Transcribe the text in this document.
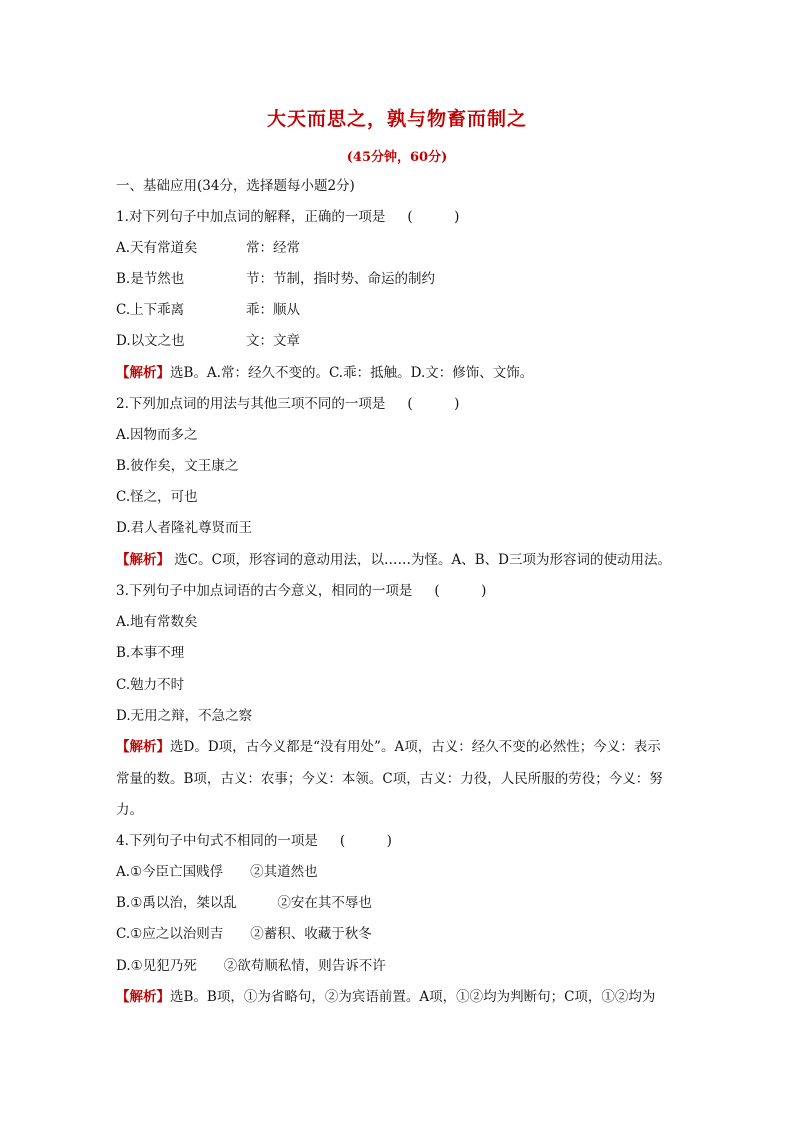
大天而思之，孰与物畜而制之
(45分钟，60分)
一、基础应用(34分，选择题每小题2分)
1.对下列句子中加点词的解释，正确的一项是 (　)
A.天有常道矣	常：经常
B.是节然也	节：节制，指时势、命运的制约
C.上下乖离	乖：顺从
D.以文之也	文：文章
【解析】选B。A.常：经久不变的。C.乖：抵触。D.文：修饰、文饰。
2.下列加点词的用法与其他三项不同的一项是 (　)
A.因物而多之
B.彼作矣，文王康之
C.怪之，可也
D.君人者隆礼尊贤而王
【解析】 选C。C项，形容词的意动用法，以……为怪。A、B、D三项为形容词的使动用法。
3.下列句子中加点词语的古今意义，相同的一项是 (　)
A.地有常数矣
B.本事不理
C.勉力不时
D.无用之辩，不急之察
【解析】选D。D项，古今义都是“没有用处”。A项，古义：经久不变的必然性；今义：表示
常量的数。B项，古义：农事；今义：本领。C项，古义：力役，人民所服的劳役；今义：努
力。
4.下列句子中句式不相同的一项是 (　)
A.①今臣亡国贱俘　　②其道然也
B.①禹以治，桀以乱　　　②安在其不辱也
C.①应之以治则吉　　②蓄积、收藏于秋冬
D.①见犯乃死　　②欲苟顺私情，则告诉不许
【解析】选B。B项，①为省略句，②为宾语前置。A项，①②均为判断句；C项，①②均为
